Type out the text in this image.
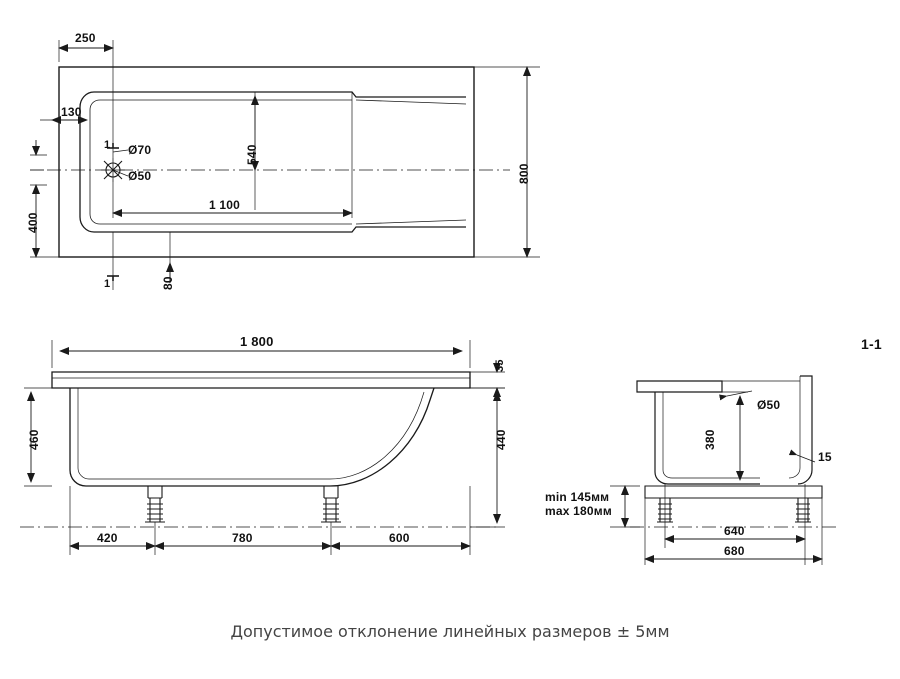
250
130
400
540
800
1 100
80
Ø70
Ø50
1
1
1 800
35
440
460
420	780	600
min 145мм
max 180мм
1-1
Ø50
380
15
640
680
Допустимое отклонение линейных размеров ± 5мм
